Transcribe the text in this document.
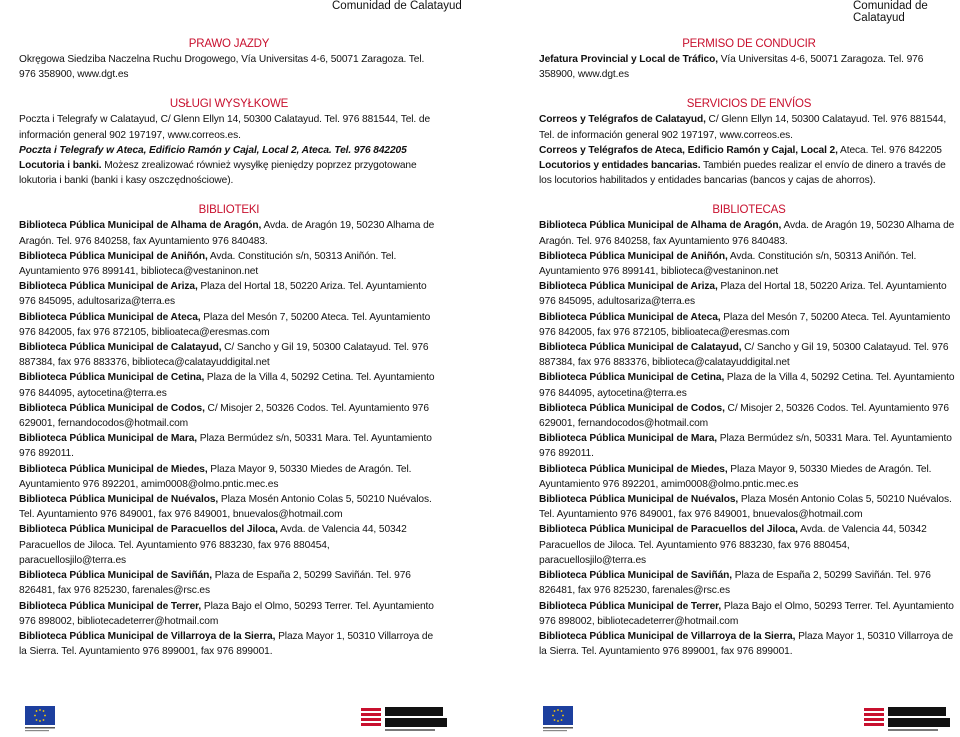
Comunidad de Calatayud	Comunidad de Calatayud
PRAWO JAZDY

Okręgowa Siedziba Naczelna Ruchu Drogowego, Vía Universitas 4-6, 50071 Zaragoza. Tel. 976 358900, www.dgt.es

USŁUGI WYSYŁKOWE

Poczta i Telegrafy w Calatayud, C/ Glenn Ellyn 14, 50300 Calatayud. Tel. 976 881544, Tel. de información general 902 197197, www.correos.es.

Poczta i Telegrafy w Ateca, Edificio Ramón y Cajal, Local 2, Ateca. Tel. 976 842205

Locutoria i banki. Możesz zrealizować również wysyłkę pieniędzy poprzez przygotowane lokutoria i banki (banki i kasy oszczędnościowe).

BIBLIOTEKI

Biblioteca Pública Municipal de Alhama de Aragón, Avda. de Aragón 19, 50230 Alhama de Aragón. Tel. 976 840258, fax Ayuntamiento 976 840483.

Biblioteca Pública Municipal de Aniñón, Avda. Constitución s/n, 50313 Aniñón. Tel. Ayuntamiento 976 899141, biblioteca@vestaninon.net

Biblioteca Pública Municipal de Ariza, Plaza del Hortal 18, 50220 Ariza. Tel. Ayuntamiento 976 845095, adultosariza@terra.es

Biblioteca Pública Municipal de Ateca, Plaza del Mesón 7, 50200 Ateca. Tel. Ayuntamiento 976 842005, fax 976 872105, biblioateca@eresmas.com

Biblioteca Pública Municipal de Calatayud, C/ Sancho y Gil 19, 50300 Calatayud. Tel. 976 887384, fax 976 883376, biblioteca@calatayuddigital.net

Biblioteca Pública Municipal de Cetina, Plaza de la Villa 4, 50292 Cetina. Tel. Ayuntamiento 976 844095, aytocetina@terra.es

Biblioteca Pública Municipal de Codos, C/ Misojer 2, 50326 Codos. Tel. Ayuntamiento 976 629001, fernandocodos@hotmail.com

Biblioteca Pública Municipal de Mara, Plaza Bermúdez s/n, 50331 Mara. Tel. Ayuntamiento 976 892011.

Biblioteca Pública Municipal de Miedes, Plaza Mayor 9, 50330 Miedes de Aragón. Tel. Ayuntamiento 976 892201, amim0008@olmo.pntic.mec.es

Biblioteca Pública Municipal de Nuévalos, Plaza Mosén Antonio Colas 5, 50210 Nuévalos. Tel. Ayuntamiento 976 849001, fax 976 849001, bnuevalos@hotmail.com

Biblioteca Pública Municipal de Paracuellos del Jiloca, Avda. de Valencia 44, 50342 Paracuellos de Jiloca. Tel. Ayuntamiento 976 883230, fax 976 880454, paracuellosjilo@terra.es

Biblioteca Pública Municipal de Saviñán, Plaza de España 2, 50299 Saviñán. Tel. 976 826481, fax 976 825230, farenales@rsc.es

Biblioteca Pública Municipal de Terrer, Plaza Bajo el Olmo, 50293 Terrer. Tel. Ayuntamiento 976 898002, bibliotecadeterrer@hotmail.com

Biblioteca Pública Municipal de Villarroya de la Sierra, Plaza Mayor 1, 50310 Villarroya de la Sierra. Tel. Ayuntamiento 976 899001, fax 976 899001.

PERMISO DE CONDUCIR

Jefatura Provincial y Local de Tráfico, Vía Universitas 4-6, 50071 Zaragoza. Tel. 976 358900, www.dgt.es

SERVICIOS DE ENVÍOS

Correos y Telégrafos de Calatayud, C/ Glenn Ellyn 14, 50300 Calatayud. Tel. 976 881544, Tel. de información general 902 197197, www.correos.es.

Correos y Telégrafos de Ateca, Edificio Ramón y Cajal, Local 2, Ateca. Tel. 976 842205

Locutorios y entidades bancarias. También puedes realizar el envío de dinero a través de los locutorios habilitados y entidades bancarias (bancos y cajas de ahorros).

BIBLIOTECAS

Biblioteca Pública Municipal de Alhama de Aragón, Avda. de Aragón 19, 50230 Alhama de Aragón. Tel. 976 840258, fax Ayuntamiento 976 840483.

Biblioteca Pública Municipal de Aniñón, Avda. Constitución s/n, 50313 Aniñón. Tel. Ayuntamiento 976 899141, biblioteca@vestaninon.net

Biblioteca Pública Municipal de Ariza, Plaza del Hortal 18, 50220 Ariza. Tel. Ayuntamiento 976 845095, adultosariza@terra.es

Biblioteca Pública Municipal de Ateca, Plaza del Mesón 7, 50200 Ateca. Tel. Ayuntamiento 976 842005, fax 976 872105, biblioateca@eresmas.com

Biblioteca Pública Municipal de Calatayud, C/ Sancho y Gil 19, 50300 Calatayud. Tel. 976 887384, fax 976 883376, biblioteca@calatayuddigital.net

Biblioteca Pública Municipal de Cetina, Plaza de la Villa 4, 50292 Cetina. Tel. Ayuntamiento 976 844095, aytocetina@terra.es

Biblioteca Pública Municipal de Codos, C/ Misojer 2, 50326 Codos. Tel. Ayuntamiento 976 629001, fernandocodos@hotmail.com

Biblioteca Pública Municipal de Mara, Plaza Bermúdez s/n, 50331 Mara. Tel. Ayuntamiento 976 892011.

Biblioteca Pública Municipal de Miedes, Plaza Mayor 9, 50330 Miedes de Aragón. Tel. Ayuntamiento 976 892201, amim0008@olmo.pntic.mec.es

Biblioteca Pública Municipal de Nuévalos, Plaza Mosén Antonio Colas 5, 50210 Nuévalos. Tel. Ayuntamiento 976 849001, fax 976 849001, bnuevalos@hotmail.com

Biblioteca Pública Municipal de Paracuellos del Jiloca, Avda. de Valencia 44, 50342 Paracuellos de Jiloca. Tel. Ayuntamiento 976 883230, fax 976 880454, paracuellosjilo@terra.es

Biblioteca Pública Municipal de Saviñán, Plaza de España 2, 50299 Saviñán. Tel. 976 826481, fax 976 825230, farenales@rsc.es

Biblioteca Pública Municipal de Terrer, Plaza Bajo el Olmo, 50293 Terrer. Tel. Ayuntamiento 976 898002, bibliotecadeterrer@hotmail.com

Biblioteca Pública Municipal de Villarroya de la Sierra, Plaza Mayor 1, 50310 Villarroya de la Sierra. Tel. Ayuntamiento 976 899001, fax 976 899001.
